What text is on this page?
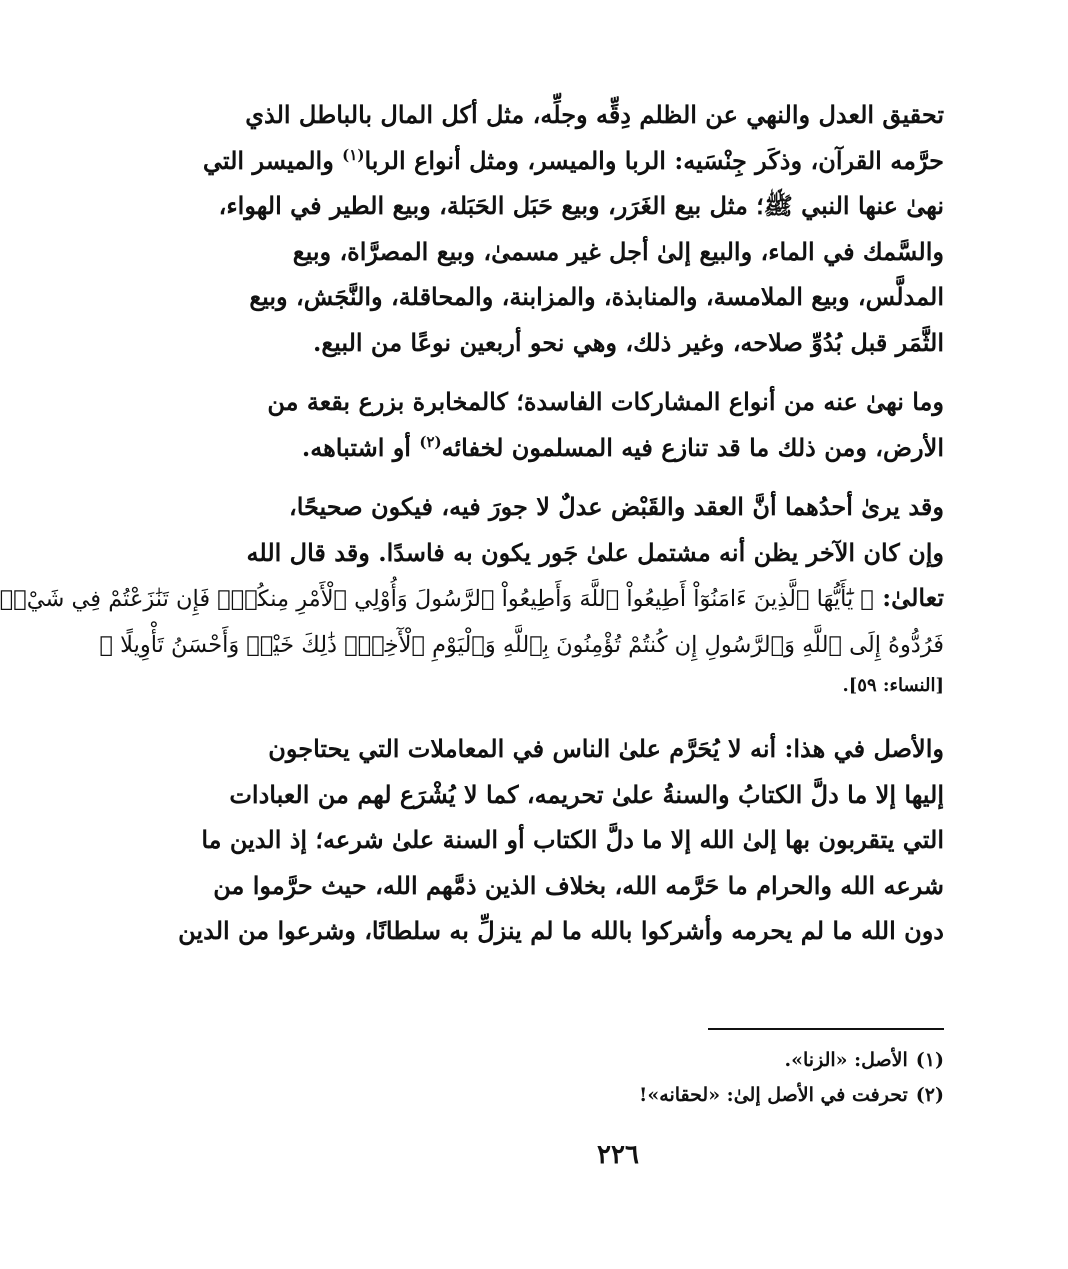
تحقيق العدل والنهي عن الظلم دِقِّه وجلِّه، مثل أكل المال بالباطل الذي
حرَّمه القرآن، وذكَر جِنْسَيه: الربا والميسر، ومثل أنواع الربا$^{(١)}$ والميسر التي
نهىٰ عنها النبي ﷺ؛ مثل بيع الغَرَر، وبيع حَبَل الحَبَلة، وبيع الطير في الهواء،
والسَّمك في الماء، والبيع إلىٰ أجل غير مسمىٰ، وبيع المصرَّاة، وبيع
المدلَّس، وبيع الملامسة، والمنابذة، والمزابنة، والمحاقلة، والنَّجَش، وبيع
الثَّمَر قبل بُدُوِّ صلاحه، وغير ذلك، وهي نحو أربعين نوعًا من البيع.

وما نهىٰ عنه من أنواع المشاركات الفاسدة؛ كالمخابرة بزرع بقعة من
الأرض، ومن ذلك ما قد تنازع فيه المسلمون لخفائه$^{(٢)}$ أو اشتباهه.

وقد يرىٰ أحدُهما أنَّ العقد والقَبْض عدلٌ لا جورَ فيه، فيكون صحيحًا،
وإن كان الآخر يظن أنه مشتمل علىٰ جَور يكون به فاسدًا. وقد قال الله
تعالىٰ: ﴿ يَٰٓأَيُّهَا ٱلَّذِينَ ءَامَنُوٓاْ أَطِيعُواْ ٱللَّهَ وَأَطِيعُواْ ٱلرَّسُولَ وَأُوْلِي ٱلْأَمْرِ مِنكُمْۖ فَإِن تَنَٰزَعْتُمْ فِي شَيْءٖ
فَرُدُّوهُ إِلَى ٱللَّهِ وَٱلرَّسُولِ إِن كُنتُمْ تُؤْمِنُونَ بِٱللَّهِ وَٱلْيَوْمِ ٱلْأٓخِرِۚ ذَٰلِكَ خَيْرٞ وَأَحْسَنُ تَأْوِيلًا ﴾
[النساء: ٥٩].

والأصل في هذا: أنه لا يُحَرَّم علىٰ الناس في المعاملات التي يحتاجون
إليها إلا ما دلَّ الكتابُ والسنةُ علىٰ تحريمه، كما لا يُشْرَع لهم من العبادات
التي يتقربون بها إلىٰ الله إلا ما دلَّ الكتاب أو السنة علىٰ شرعه؛ إذ الدين ما
شرعه الله والحرام ما حَرَّمه الله، بخلاف الذين ذمَّهم الله، حيث حرَّموا من
دون الله ما لم يحرمه وأشركوا بالله ما لم ينزلِّ به سلطانًا، وشرعوا من الدين

(١)الأصل: «الزنا».
(٢)تحرفت في الأصل إلىٰ: «لحقانه»!
٢٢٦
